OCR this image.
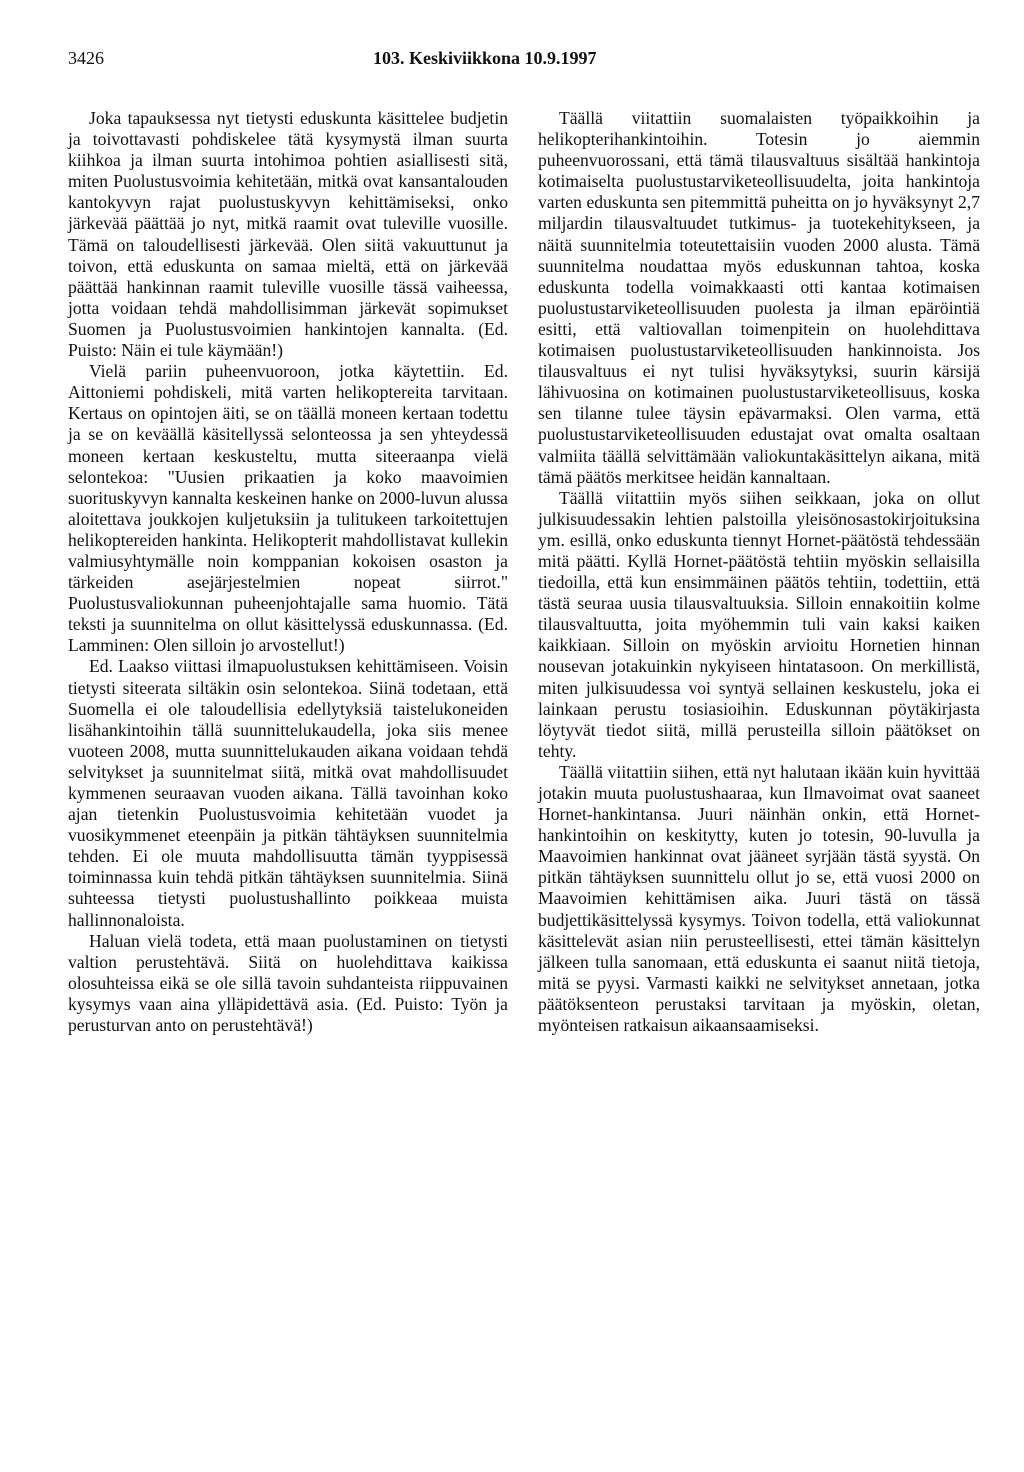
3426	103. Keskiviikkona 10.9.1997

Joka tapauksessa nyt tietysti eduskunta käsittelee budjetin ja toivottavasti pohdiskelee tätä kysymystä ilman suurta kiihkoa ja ilman suurta intohimoa pohtien asiallisesti sitä, miten Puolustusvoimia kehitetään, mitkä ovat kansantalouden kantokyvyn rajat puolustuskyvyn kehittämiseksi, onko järkevää päättää jo nyt, mitkä raamit ovat tuleville vuosille. Tämä on taloudellisesti järkevää. Olen siitä vakuuttunut ja toivon, että eduskunta on samaa mieltä, että on järkevää päättää hankinnan raamit tuleville vuosille tässä vaiheessa, jotta voidaan tehdä mahdollisimman järkevät sopimukset Suomen ja Puolustusvoimien hankintojen kannalta. (Ed. Puisto: Näin ei tule käymään!)

Vielä pariin puheenvuoroon, jotka käytettiin. Ed. Aittoniemi pohdiskeli, mitä varten helikoptereita tarvitaan. Kertaus on opintojen äiti, se on täällä moneen kertaan todettu ja se on keväällä käsitellyssä selonteossa ja sen yhteydessä moneen kertaan keskusteltu, mutta siteeraanpa vielä selontekoa: "Uusien prikaatien ja koko maavoimien suorituskyvyn kannalta keskeinen hanke on 2000-luvun alussa aloitettava joukkojen kuljetuksiin ja tulitukeen tarkoitettujen helikoptereiden hankinta. Helikopterit mahdollistavat kullekin valmiusyhtymälle noin komppanian kokoisen osaston ja tärkeiden asejärjestelmien nopeat siirrot." Puolustusvaliokunnan puheenjohtajalle sama huomio. Tätä teksti ja suunnitelma on ollut käsittelyssä eduskunnassa. (Ed. Lamminen: Olen silloin jo arvostellut!)

Ed. Laakso viittasi ilmapuolustuksen kehittämiseen. Voisin tietysti siteerata siltäkin osin selontekoa. Siinä todetaan, että Suomella ei ole taloudellisia edellytyksiä taistelukoneiden lisähankintoihin tällä suunnittelukaudella, joka siis menee vuoteen 2008, mutta suunnittelukauden aikana voidaan tehdä selvitykset ja suunnitelmat siitä, mitkä ovat mahdollisuudet kymmenen seuraavan vuoden aikana. Tällä tavoinhan koko ajan tietenkin Puolustusvoimia kehitetään vuodet ja vuosikymmenet eteenpäin ja pitkän tähtäyksen suunnitelmia tehden. Ei ole muuta mahdollisuutta tämän tyyppisessä toiminnassa kuin tehdä pitkän tähtäyksen suunnitelmia. Siinä suhteessa tietysti puolustushallinto poikkeaa muista hallinnonaloista.

Haluan vielä todeta, että maan puolustaminen on tietysti valtion perustehtävä. Siitä on huolehdittava kaikissa olosuhteissa eikä se ole sillä tavoin suhdanteista riippuvainen kysymys vaan aina ylläpidettävä asia. (Ed. Puisto: Työn ja perusturvan anto on perustehtävä!)

Täällä viitattiin suomalaisten työpaikkoihin ja helikopterihankintoihin. Totesin jo aiemmin puheenvuorossani, että tämä tilausvaltuus sisältää hankintoja kotimaiselta puolustustarviketeollisuudelta, joita hankintoja varten eduskunta sen pitemmittä puheitta on jo hyväksynyt 2,7 miljardin tilausvaltuudet tutkimus- ja tuotekehitykseen, ja näitä suunnitelmia toteutettaisiin vuoden 2000 alusta. Tämä suunnitelma noudattaa myös eduskunnan tahtoa, koska eduskunta todella voimakkaasti otti kantaa kotimaisen puolustustarviketeollisuuden puolesta ja ilman epäröintiä esitti, että valtiovallan toimenpitein on huolehdittava kotimaisen puolustustarviketeollisuuden hankinnoista. Jos tilausvaltuus ei nyt tulisi hyväksytyksi, suurin kärsijä lähivuosina on kotimainen puolustustarviketeollisuus, koska sen tilanne tulee täysin epävarmaksi. Olen varma, että puolustustarviketeollisuuden edustajat ovat omalta osaltaan valmiita täällä selvittämään valiokuntakäsittelyn aikana, mitä tämä päätös merkitsee heidän kannaltaan.

Täällä viitattiin myös siihen seikkaan, joka on ollut julkisuudessakin lehtien palstoilla yleisönosastokirjoituksina ym. esillä, onko eduskunta tiennyt Hornet-päätöstä tehdessään mitä päätti. Kyllä Hornet-päätöstä tehtiin myöskin sellaisilla tiedoilla, että kun ensimmäinen päätös tehtiin, todettiin, että tästä seuraa uusia tilausvaltuuksia. Silloin ennakoitiin kolme tilausvaltuutta, joita myöhemmin tuli vain kaksi kaiken kaikkiaan. Silloin on myöskin arvioitu Hornetien hinnan nousevan jotakuinkin nykyiseen hintatasoon. On merkillistä, miten julkisuudessa voi syntyä sellainen keskustelu, joka ei lainkaan perustu tosiasioihin. Eduskunnan pöytäkirjasta löytyvät tiedot siitä, millä perusteilla silloin päätökset on tehty.

Täällä viitattiin siihen, että nyt halutaan ikään kuin hyvittää jotakin muuta puolustushaaraa, kun Ilmavoimat ovat saaneet Hornet-hankintansa. Juuri näinhän onkin, että Hornet-hankintoihin on keskitytty, kuten jo totesin, 90-luvulla ja Maavoimien hankinnat ovat jääneet syrjään tästä syystä. On pitkän tähtäyksen suunnittelu ollut jo se, että vuosi 2000 on Maavoimien kehittämisen aika. Juuri tästä on tässä budjettikäsittelyssä kysymys. Toivon todella, että valiokunnat käsittelevät asian niin perusteellisesti, ettei tämän käsittelyn jälkeen tulla sanomaan, että eduskunta ei saanut niitä tietoja, mitä se pyysi. Varmasti kaikki ne selvitykset annetaan, jotka päätöksenteon perustaksi tarvitaan ja myöskin, oletan, myönteisen ratkaisun aikaansaamiseksi.
